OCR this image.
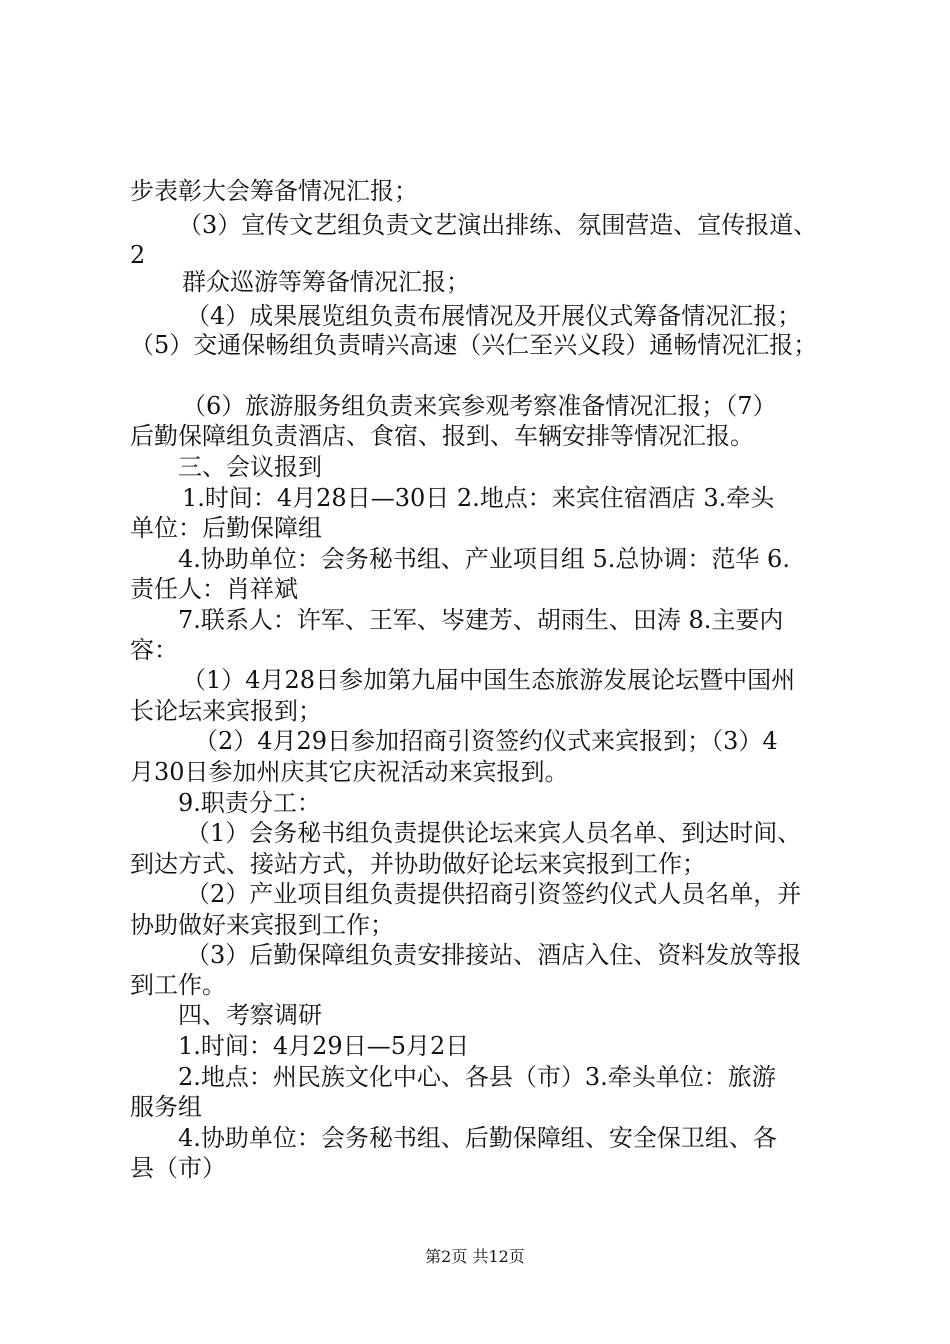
步表彰大会筹备情况汇报；
（3）宣传文艺组负责文艺演出排练、氛围营造、宣传报道、
2
群众巡游等筹备情况汇报；
（4）成果展览组负责布展情况及开展仪式筹备情况汇报；
（5）交通保畅组负责晴兴高速（兴仁至兴义段）通畅情况汇报；
（6）旅游服务组负责来宾参观考察准备情况汇报；（7）
后勤保障组负责酒店、食宿、报到、车辆安排等情况汇报。
三、会议报到
1.时间：4月28日—30日 2.地点：来宾住宿酒店 3.牵头
单位：后勤保障组
4.协助单位：会务秘书组、产业项目组 5.总协调：范华 6.
责任人：肖祥斌
7.联系人：许军、王军、岑建芳、胡雨生、田涛 8.主要内
容：
（1）4月28日参加第九届中国生态旅游发展论坛暨中国州
长论坛来宾报到；
（2）4月29日参加招商引资签约仪式来宾报到；（3）4
月30日参加州庆其它庆祝活动来宾报到。
9.职责分工：
（1）会务秘书组负责提供论坛来宾人员名单、到达时间、
到达方式、接站方式，并协助做好论坛来宾报到工作；
（2）产业项目组负责提供招商引资签约仪式人员名单，并
协助做好来宾报到工作；
（3）后勤保障组负责安排接站、酒店入住、资料发放等报
到工作。
四、考察调研
1.时间：4月29日—5月2日
2.地点：州民族文化中心、各县（市）3.牵头单位：旅游
服务组
4.协助单位：会务秘书组、后勤保障组、安全保卫组、各
县（市）
第2页 共12页
